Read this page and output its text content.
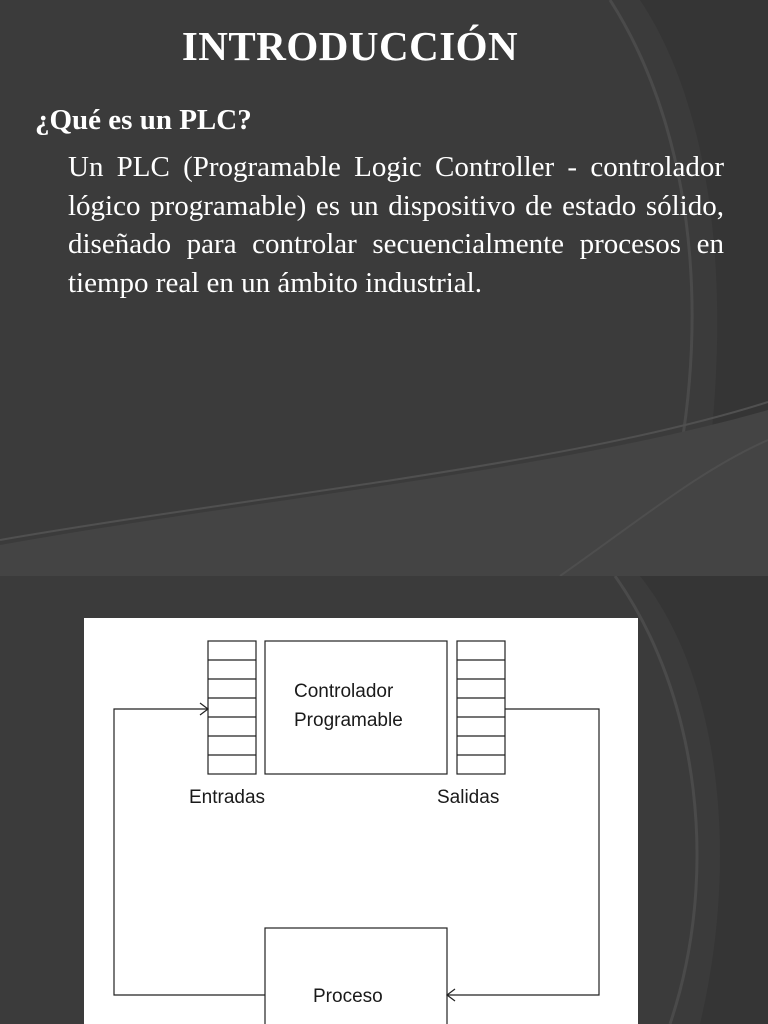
INTRODUCCIÓN
¿Qué es un PLC?
Un PLC (Programable Logic Controller - controlador lógico programable) es un dispositivo de estado sólido, diseñado para controlar secuencialmente procesos en tiempo real en un ámbito industrial.
Controlador
Programable
Entradas	Salidas
Proceso
